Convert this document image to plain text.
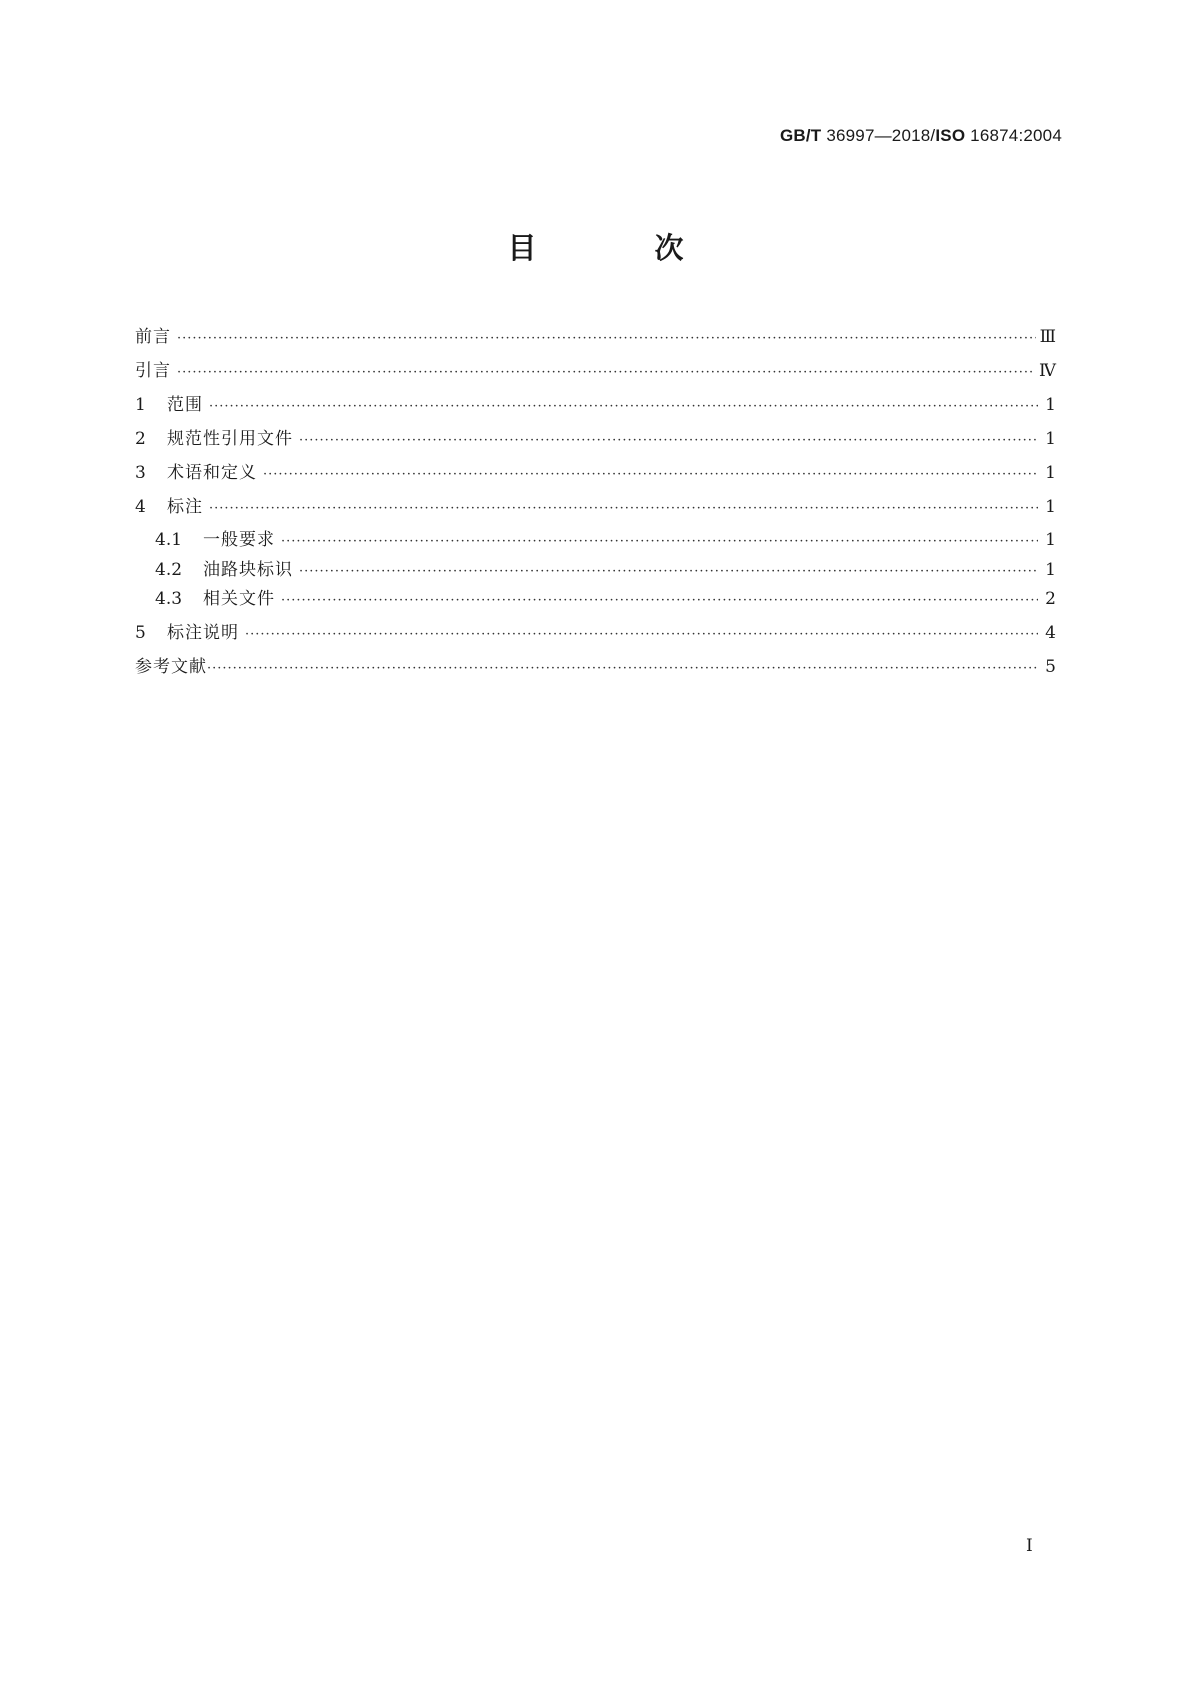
GB/T 36997—2018/ISO 16874:2004
目 次
前言 ·····	Ⅲ
引言 ·····	Ⅳ
1	范围 ·····	1
2	规范性引用文件 ·····	1
3	术语和定义 ·····	1
4	标注 ·····	1
4.1	一般要求 ·····	1
4.2	油路块标识 ·····	1
4.3	相关文件 ·····	2
5	标注说明 ·····	4
参考文献 ·····	5
Ⅰ
